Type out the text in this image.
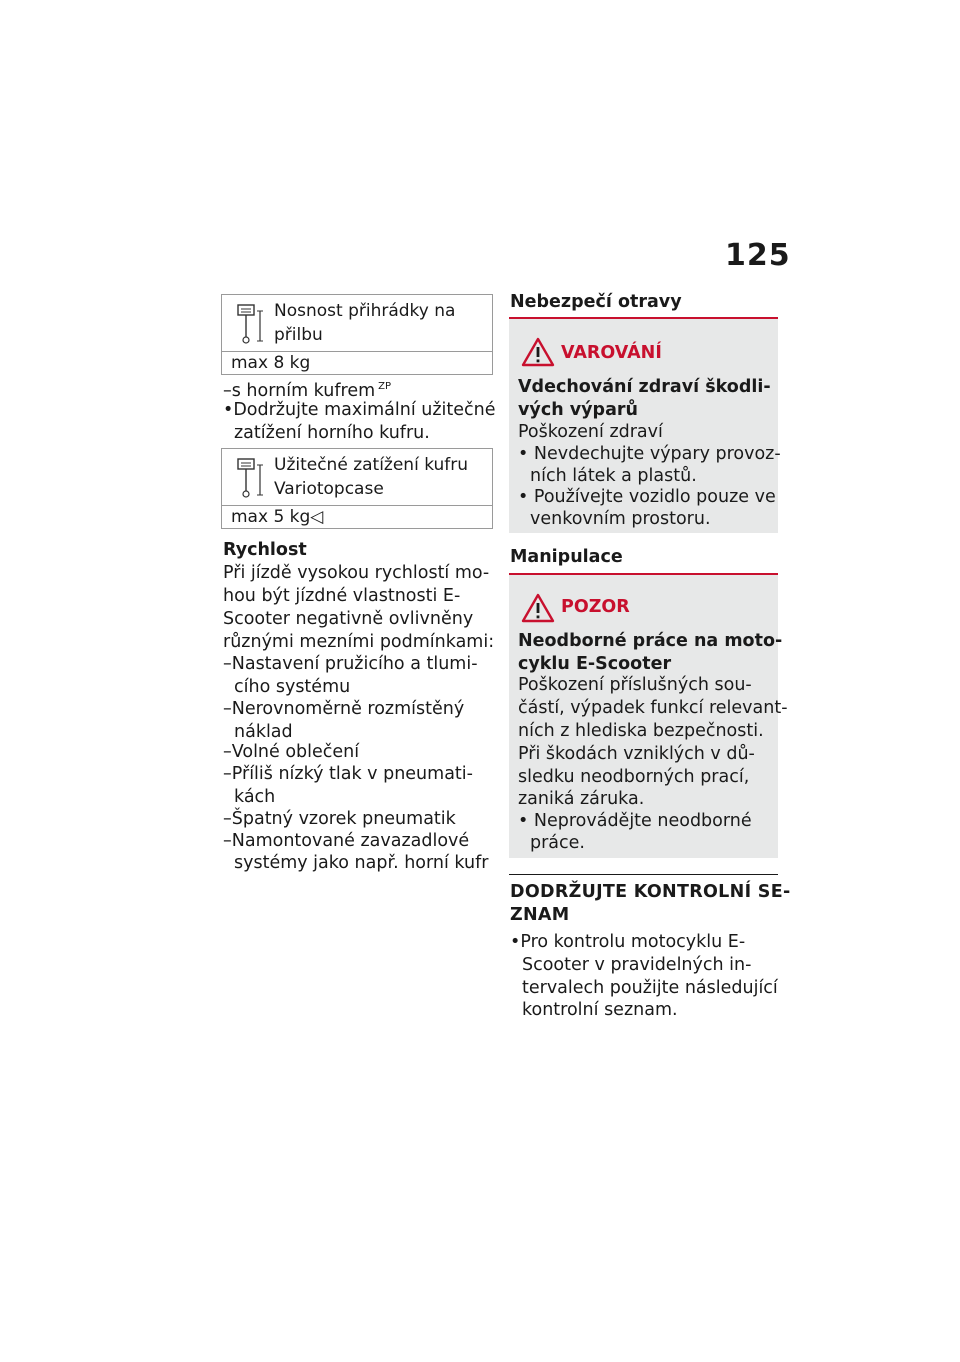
125
Nosnost přihrádky na
přilbu
max 8 kg
–s horním kufrem $^{ZP}$
•Dodržujte maximální užitečné
zatížení horního kufru.
Užitečné zatížení kufru
Variotopcase
max 5 kg◁
Rychlost
Při jízdě vysokou rychlostí mo-
hou být jízdné vlastnosti E-
Scooter negativně ovlivněny
různými mezními podmínkami:
–Nastavení pružicího a tlumi-
cího systému
–Nerovnoměrně rozmístěný
náklad
–Volné oblečení
–Příliš nízký tlak v pneumati-
kách
–Špatný vzorek pneumatik
–Namontované zavazadlové
systémy jako např. horní kufr
Nebezpečí otravy
VAROVÁNÍ
Vdechování zdraví škodli-
vých výparů
Poškození zdraví
• Nevdechujte výpary provoz-
ních látek a plastů.
• Používejte vozidlo pouze ve
venkovním prostoru.
Manipulace
POZOR
Neodborné práce na moto-
cyklu E-Scooter
Poškození příslušných sou-
částí, výpadek funkcí relevant-
ních z hlediska bezpečnosti.
Při škodách vzniklých v dů-
sledku neodborných prací,
zaniká záruka.
• Neprovádějte neodborné
práce.
DODRŽUJTE KONTROLNÍ SE-
ZNAM
•Pro kontrolu motocyklu E-
Scooter v pravidelných in-
tervalech použijte následující
kontrolní seznam.
